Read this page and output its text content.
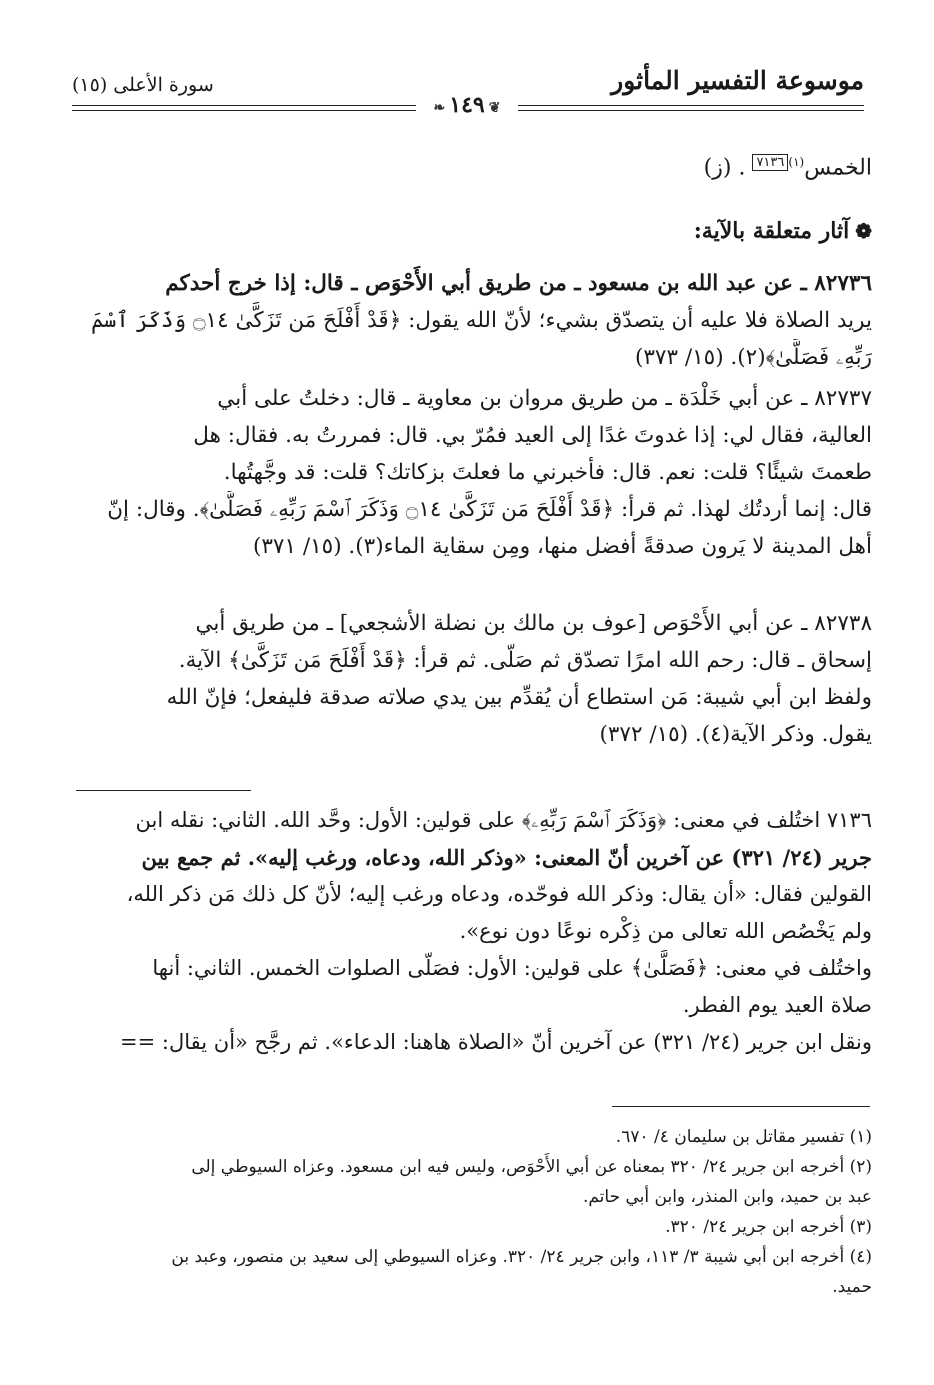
موسوعة التفسير المأثور
سورة الأعلى (١٥)
❦١٤٩❧
الخمس$^{(١)}$٧١٣٦ . (ز)
❁آثار متعلقة بالآية:
٨٢٧٣٦ ـ عن عبد الله بن مسعود ـ من طريق أبي الأَحْوَص ـ قال: إذا خرج أحدكم
يريد الصلاة فلا عليه أن يتصدّق بشيء؛ لأنّ الله يقول: ﴿قَدْ أَفْلَحَ مَن تَزَكَّىٰ ۝١٤ وَذَكَرَ ٱسْمَ
رَبِّهِۦ فَصَلَّىٰ﴾(٢). (١٥/ ٣٧٣)
٨٢٧٣٧ ـ عن أبي خَلْدَة ـ من طريق مروان بن معاوية ـ قال: دخلتُ على أبي
العالية، فقال لي: إذا غدوتَ غدًا إلى العيد فمُرّ بي. قال: فمررتُ به. فقال: هل
طعمتَ شيئًا؟ قلت: نعم. قال: فأخبرني ما فعلتَ بزكاتك؟ قلت: قد وجَّهتُها.
قال: إنما أردتُك لهذا. ثم قرأ: ﴿قَدْ أَفْلَحَ مَن تَزَكَّىٰ ۝١٤ وَذَكَرَ ٱسْمَ رَبِّهِۦ فَصَلَّىٰ﴾. وقال: إنّ
أهل المدينة لا يَرون صدقةً أفضل منها، ومِن سقاية الماء(٣). (١٥/ ٣٧١)
٨٢٧٣٨ ـ عن أبي الأَحْوَص [عوف بن مالك بن نضلة الأشجعي] ـ من طريق أبي
إسحاق ـ قال: رحم الله امرًا تصدّق ثم صَلّى. ثم قرأ: ﴿قَدْ أَفْلَحَ مَن تَزَكَّىٰ﴾ الآية.
ولفظ ابن أبي شيبة: مَن استطاع أن يُقدِّم بين يدي صلاته صدقة فليفعل؛ فإنّ الله
يقول. وذكر الآية(٤). (١٥/ ٣٧٢)
٧١٣٦ اختُلف في معنى: ﴿وَذَكَرَ ٱسْمَ رَبِّهِۦ﴾ على قولين: الأول: وحَّد الله. الثاني: نقله ابن
جرير (٢٤/ ٣٢١) عن آخرين أنّ المعنى: «وذكر الله، ودعاه، ورغب إليه». ثم جمع بين
القولين فقال: «أن يقال: وذكر الله فوحّده، ودعاه ورغب إليه؛ لأنّ كل ذلك مَن ذكر الله،
ولم يَخْصُص الله تعالى من ذِكْره نوعًا دون نوع».
واختُلف في معنى: ﴿فَصَلَّىٰ﴾ على قولين: الأول: فصَلّى الصلوات الخمس. الثاني: أنها
صلاة العيد يوم الفطر.
ونقل ابن جرير (٢٤/ ٣٢١) عن آخرين أنّ «الصلاة هاهنا: الدعاء». ثم رجَّح «أن يقال: ==
(١) تفسير مقاتل بن سليمان ٤/ ٦٧٠.
(٢) أخرجه ابن جرير ٢٤/ ٣٢٠ بمعناه عن أبي الأَحْوَص، وليس فيه ابن مسعود. وعزاه السيوطي إلى
عبد بن حميد، وابن المنذر، وابن أبي حاتم.
(٣) أخرجه ابن جرير ٢٤/ ٣٢٠.
(٤) أخرجه ابن أبي شيبة ٣/ ١١٣، وابن جرير ٢٤/ ٣٢٠. وعزاه السيوطي إلى سعيد بن منصور، وعبد بن
حميد.
